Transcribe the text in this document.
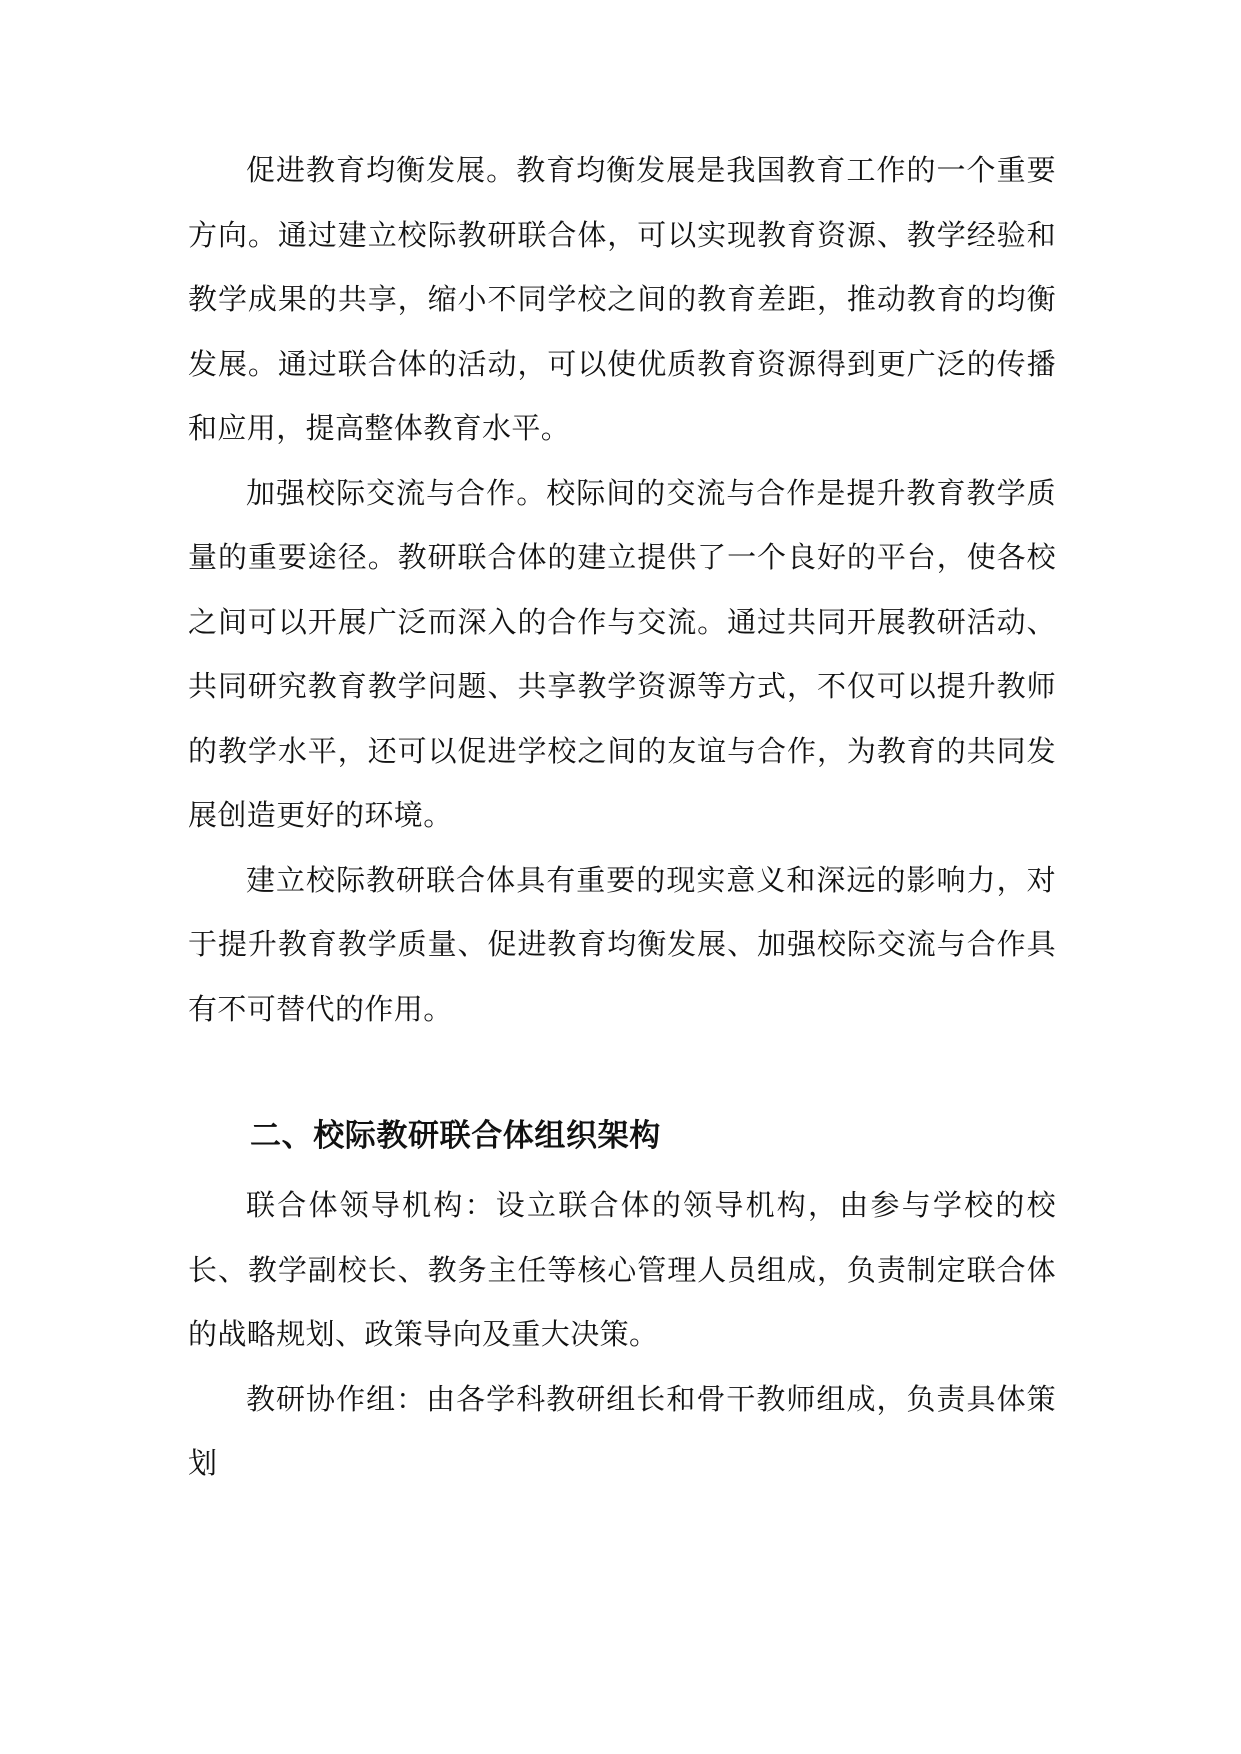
促进教育均衡发展。教育均衡发展是我国教育工作的一个重要方向。通过建立校际教研联合体，可以实现教育资源、教学经验和教学成果的共享，缩小不同学校之间的教育差距，推动教育的均衡发展。通过联合体的活动，可以使优质教育资源得到更广泛的传播和应用，提高整体教育水平。

加强校际交流与合作。校际间的交流与合作是提升教育教学质量的重要途径。教研联合体的建立提供了一个良好的平台，使各校之间可以开展广泛而深入的合作与交流。通过共同开展教研活动、共同研究教育教学问题、共享教学资源等方式，不仅可以提升教师的教学水平，还可以促进学校之间的友谊与合作，为教育的共同发展创造更好的环境。

建立校际教研联合体具有重要的现实意义和深远的影响力，对于提升教育教学质量、促进教育均衡发展、加强校际交流与合作具有不可替代的作用。

二、校际教研联合体组织架构

联合体领导机构：设立联合体的领导机构，由参与学校的校长、教学副校长、教务主任等核心管理人员组成，负责制定联合体的战略规划、政策导向及重大决策。

教研协作组：由各学科教研组长和骨干教师组成，负责具体策划
